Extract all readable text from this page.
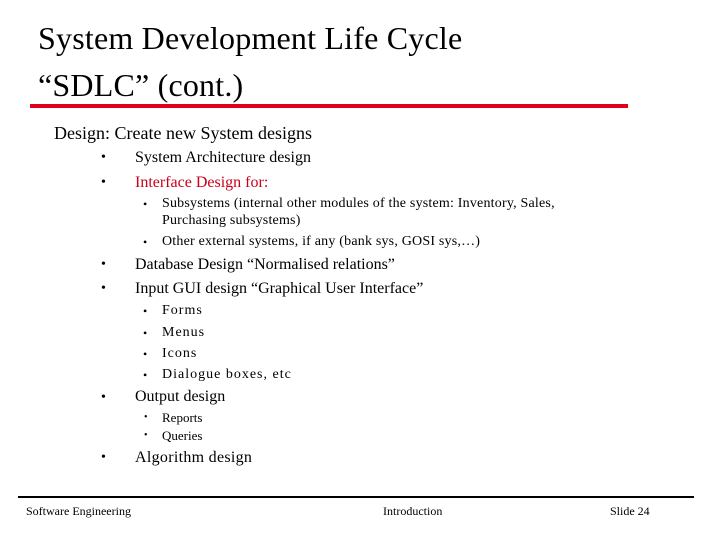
System Development Life Cycle
“SDLC” (cont.)
Design: Create new System designs
• System Architecture design
• Interface Design for:
• Subsystems (internal other modules of the system: Inventory, Sales,
Purchasing subsystems)
• Other external systems, if any (bank sys, GOSI sys,…)
• Database Design “Normalised relations”
• Input GUI design “Graphical User Interface”
• Forms
• Menus
• Icons
• Dialogue boxes, etc
• Output design
• Reports
• Queries
• Algorithm design
Software Engineering	Introduction	Slide 24
